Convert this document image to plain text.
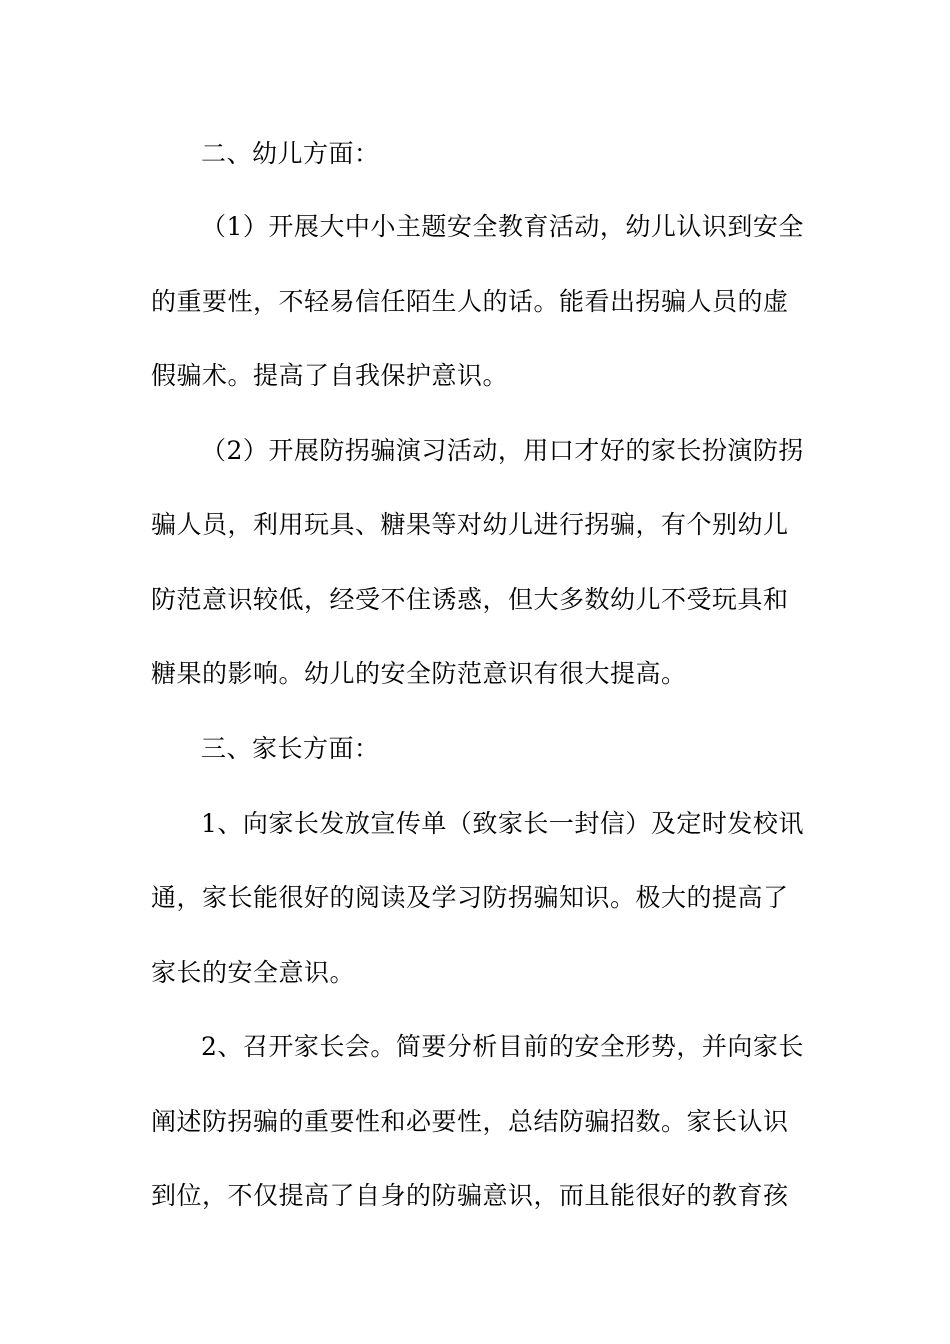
二、幼儿方面：
（1）开展大中小主题安全教育活动，幼儿认识到安全
的重要性，不轻易信任陌生人的话。能看出拐骗人员的虚
假骗术。提高了自我保护意识。
（2）开展防拐骗演习活动，用口才好的家长扮演防拐
骗人员，利用玩具、糖果等对幼儿进行拐骗，有个别幼儿
防范意识较低，经受不住诱惑，但大多数幼儿不受玩具和
糖果的影响。幼儿的安全防范意识有很大提高。
三、家长方面：
1、向家长发放宣传单（致家长一封信）及定时发校讯
通，家长能很好的阅读及学习防拐骗知识。极大的提高了
家长的安全意识。
2、召开家长会。简要分析目前的安全形势，并向家长
阐述防拐骗的重要性和必要性，总结防骗招数。家长认识
到位，不仅提高了自身的防骗意识，而且能很好的教育孩
